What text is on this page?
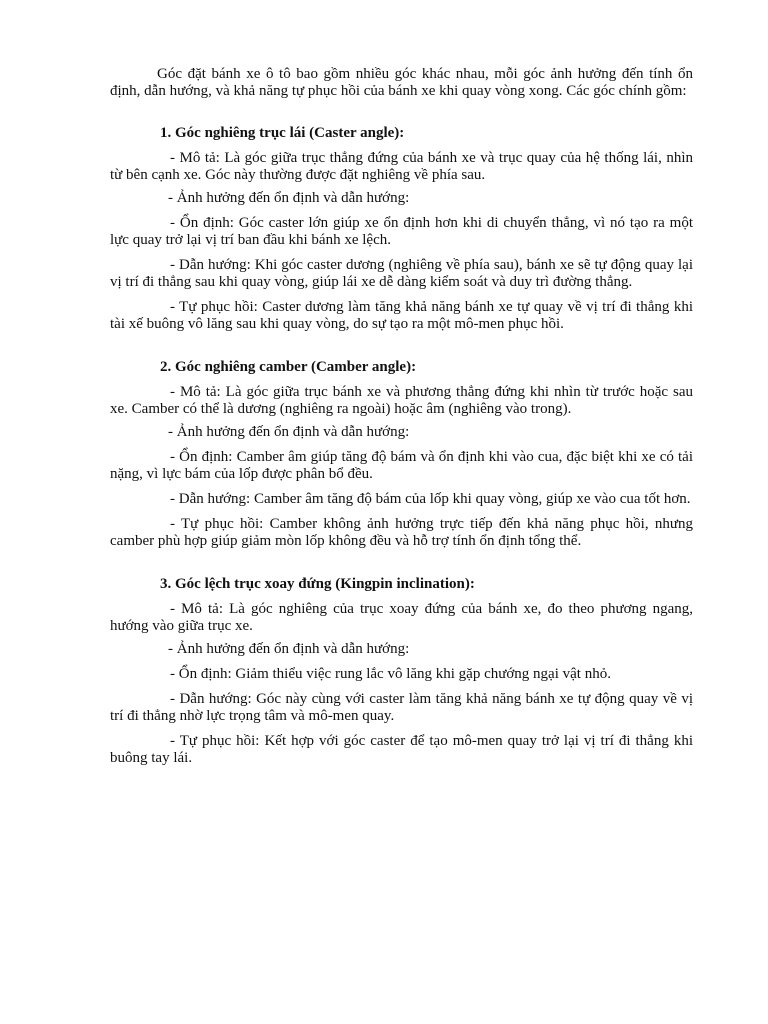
Góc đặt bánh xe ô tô bao gồm nhiều góc khác nhau, mỗi góc ảnh hưởng đến tính ổn định, dẫn hướng, và khả năng tự phục hồi của bánh xe khi quay vòng xong. Các góc chính gồm:

1. Góc nghiêng trục lái (Caster angle):

- Mô tả: Là góc giữa trục thẳng đứng của bánh xe và trục quay của hệ thống lái, nhìn từ bên cạnh xe. Góc này thường được đặt nghiêng về phía sau.

- Ảnh hưởng đến ổn định và dẫn hướng:

- Ổn định: Góc caster lớn giúp xe ổn định hơn khi di chuyển thẳng, vì nó tạo ra một lực quay trở lại vị trí ban đầu khi bánh xe lệch.

- Dẫn hướng: Khi góc caster dương (nghiêng về phía sau), bánh xe sẽ tự động quay lại vị trí đi thẳng sau khi quay vòng, giúp lái xe dễ dàng kiểm soát và duy trì đường thẳng.

- Tự phục hồi: Caster dương làm tăng khả năng bánh xe tự quay về vị trí đi thẳng khi tài xế buông vô lăng sau khi quay vòng, do sự tạo ra một mô-men phục hồi.

2. Góc nghiêng camber (Camber angle):

- Mô tả: Là góc giữa trục bánh xe và phương thẳng đứng khi nhìn từ trước hoặc sau xe. Camber có thể là dương (nghiêng ra ngoài) hoặc âm (nghiêng vào trong).

- Ảnh hưởng đến ổn định và dẫn hướng:

- Ổn định: Camber âm giúp tăng độ bám và ổn định khi vào cua, đặc biệt khi xe có tải nặng, vì lực bám của lốp được phân bổ đều.

- Dẫn hướng: Camber âm tăng độ bám của lốp khi quay vòng, giúp xe vào cua tốt hơn.

- Tự phục hồi: Camber không ảnh hưởng trực tiếp đến khả năng phục hồi, nhưng camber phù hợp giúp giảm mòn lốp không đều và hỗ trợ tính ổn định tổng thể.

3. Góc lệch trục xoay đứng (Kingpin inclination):

- Mô tả: Là góc nghiêng của trục xoay đứng của bánh xe, đo theo phương ngang, hướng vào giữa trục xe.

- Ảnh hưởng đến ổn định và dẫn hướng:

- Ổn định: Giảm thiểu việc rung lắc vô lăng khi gặp chướng ngại vật nhỏ.

- Dẫn hướng: Góc này cùng với caster làm tăng khả năng bánh xe tự động quay về vị trí đi thẳng nhờ lực trọng tâm và mô-men quay.

- Tự phục hồi: Kết hợp với góc caster để tạo mô-men quay trở lại vị trí đi thẳng khi buông tay lái.
